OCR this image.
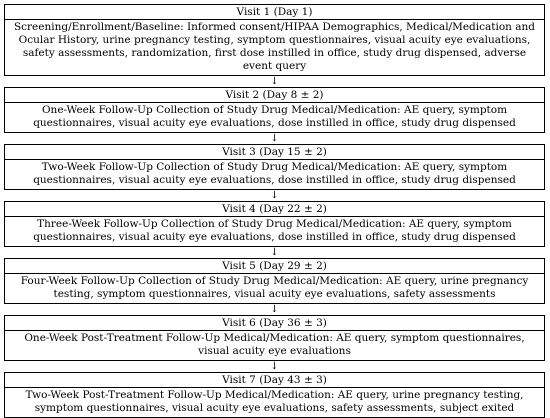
Visit 1 (Day 1)
Screening/Enrollment/Baseline: Informed consent/HIPAA Demographics, Medical/Medication and Ocular History, urine pregnancy testing, symptom questionnaires, visual acuity eye evaluations, safety assessments, randomization, first dose instilled in office, study drug dispensed, adverse event query
↓
Visit 2 (Day 8 ± 2)
One-Week Follow-Up Collection of Study Drug Medical/Medication: AE query, symptom questionnaires, visual acuity eye evaluations, dose instilled in office, study drug dispensed
↓
Visit 3 (Day 15 ± 2)
Two-Week Follow-Up Collection of Study Drug Medical/Medication: AE query, symptom questionnaires, visual acuity eye evaluations, dose instilled in office, study drug dispensed
↓
Visit 4 (Day 22 ± 2)
Three-Week Follow-Up Collection of Study Drug Medical/Medication: AE query, symptom questionnaires, visual acuity eye evaluations, dose instilled in office, study drug dispensed
↓
Visit 5 (Day 29 ± 2)
Four-Week Follow-Up Collection of Study Drug Medical/Medication: AE query, urine pregnancy testing, symptom questionnaires, visual acuity eye evaluations, safety assessments
↓
Visit 6 (Day 36 ± 3)
One-Week Post-Treatment Follow-Up Medical/Medication: AE query, symptom questionnaires, visual acuity eye evaluations
↓
Visit 7 (Day 43 ± 3)
Two-Week Post-Treatment Follow-Up Medical/Medication: AE query, urine pregnancy testing, symptom questionnaires, visual acuity eye evaluations, safety assessments, subject exited
